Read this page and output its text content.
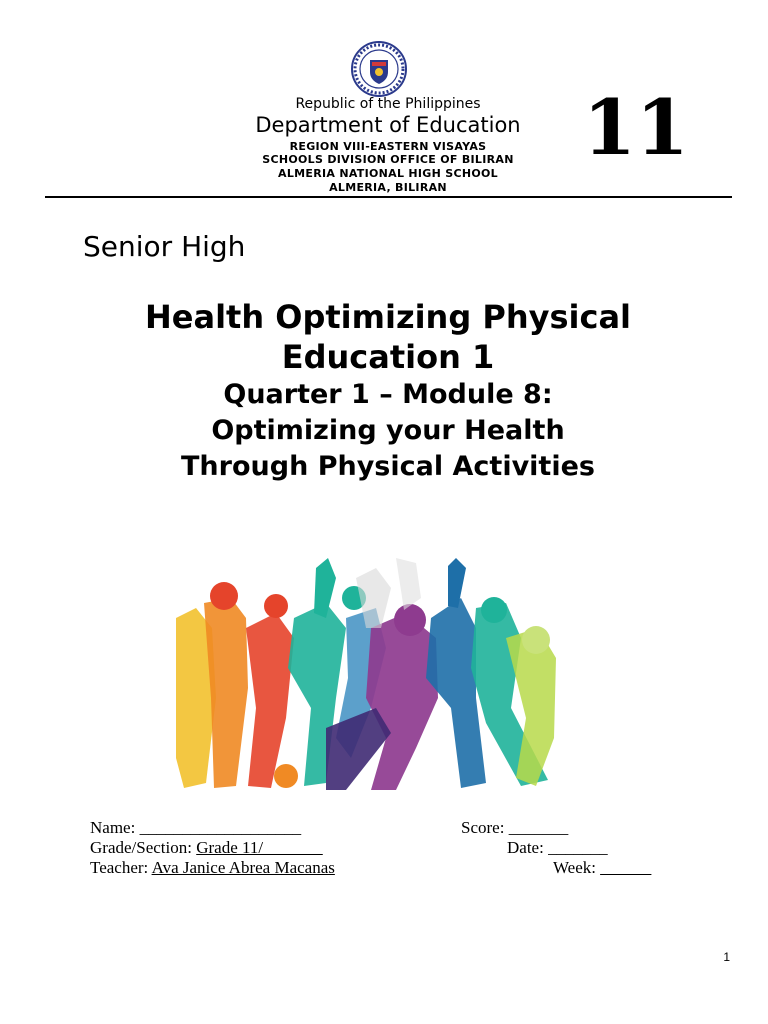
Republic of the Philippines
Department of Education
REGION VIII-EASTERN VISAYAS
SCHOOLS DIVISION OFFICE OF BILIRAN
ALMERIA NATIONAL HIGH SCHOOL
ALMERIA, BILIRAN
11
Senior High
Health Optimizing Physical
Education 1
Quarter 1 – Module 8:
Optimizing your Health
Through Physical Activities
Name: ___________________	Score: _______
Grade/Section: Grade 11/_______	Date: _______
Teacher: Ava Janice Abrea Macanas	Week: ______
1
